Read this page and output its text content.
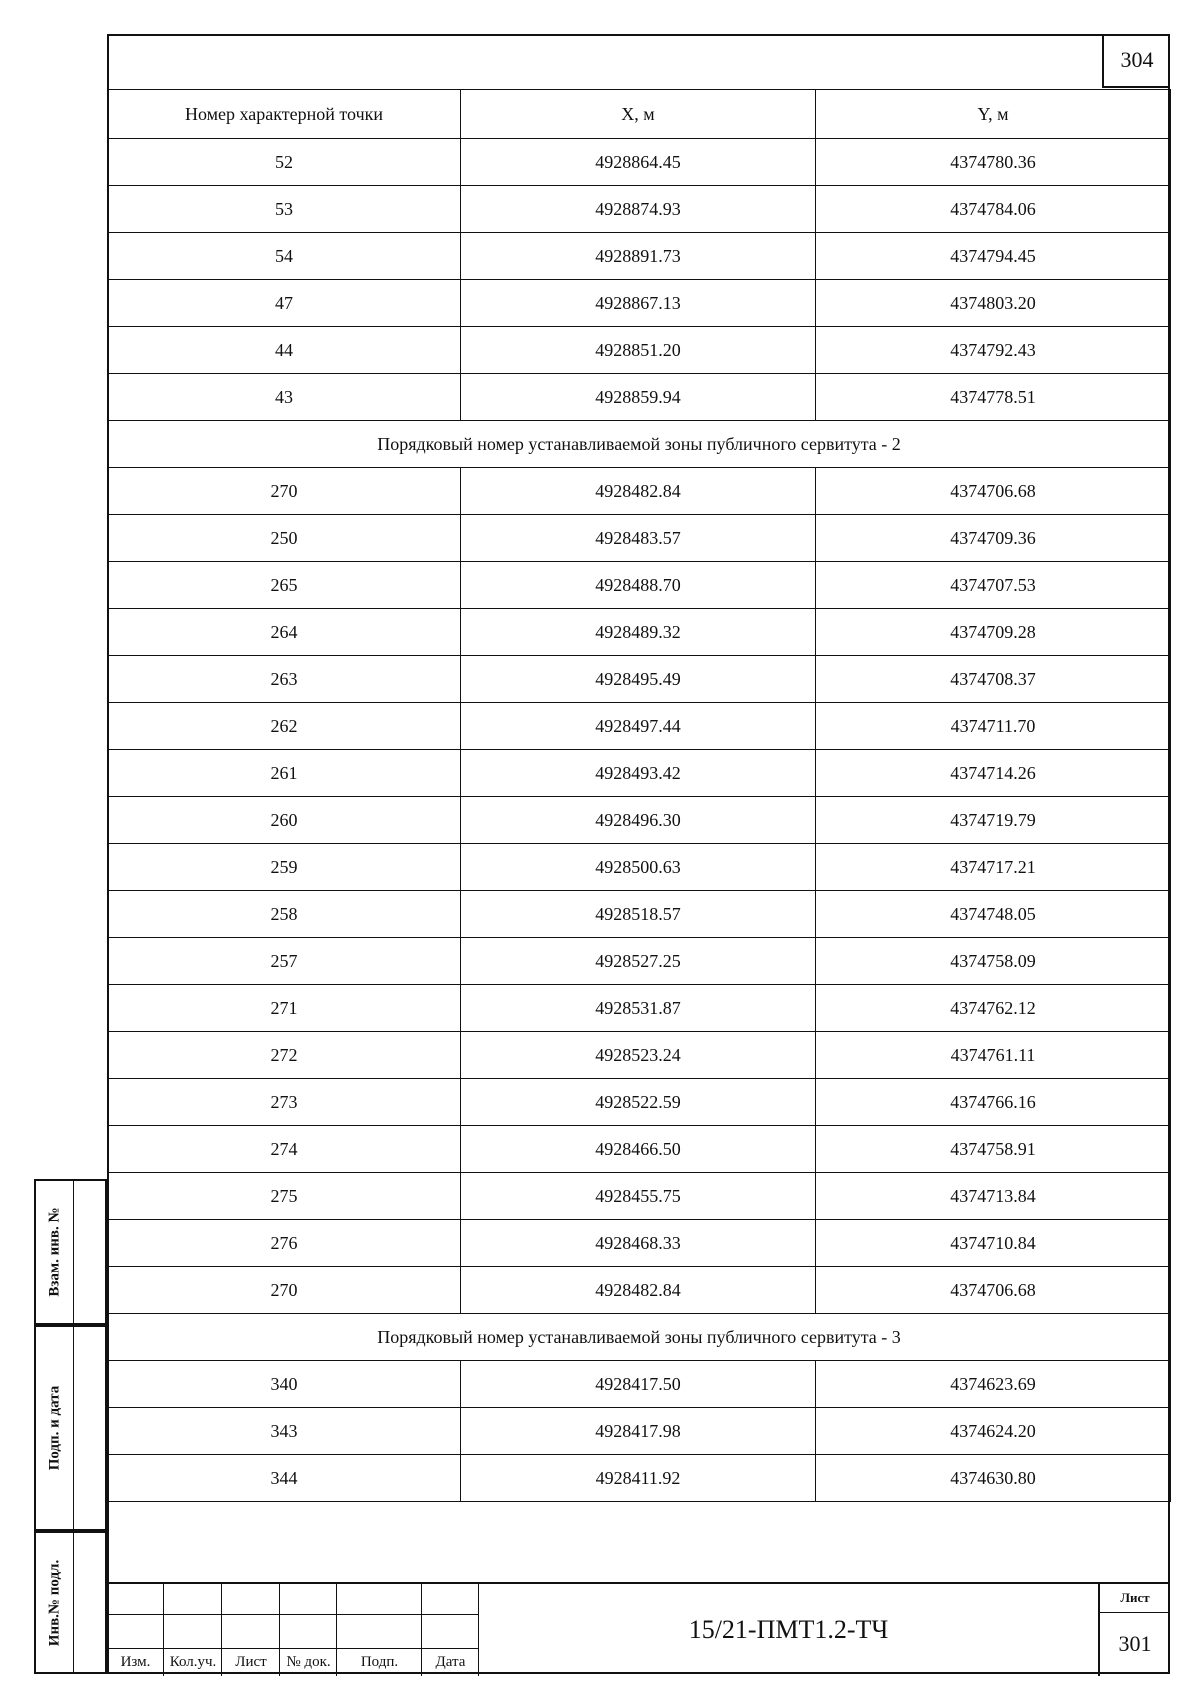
304
Номер характерной точки	X, м	Y, м
52	4928864.45	4374780.36
53	4928874.93	4374784.06
54	4928891.73	4374794.45
47	4928867.13	4374803.20
44	4928851.20	4374792.43
43	4928859.94	4374778.51
Порядковый номер устанавливаемой зоны публичного сервитута - 2		
270	4928482.84	4374706.68
250	4928483.57	4374709.36
265	4928488.70	4374707.53
264	4928489.32	4374709.28
263	4928495.49	4374708.37
262	4928497.44	4374711.70
261	4928493.42	4374714.26
260	4928496.30	4374719.79
259	4928500.63	4374717.21
258	4928518.57	4374748.05
257	4928527.25	4374758.09
271	4928531.87	4374762.12
272	4928523.24	4374761.11
273	4928522.59	4374766.16
274	4928466.50	4374758.91
275	4928455.75	4374713.84
276	4928468.33	4374710.84
270	4928482.84	4374706.68
Порядковый номер устанавливаемой зоны публичного сервитута - 3		
340	4928417.50	4374623.69
343	4928417.98	4374624.20
344	4928411.92	4374630.80
Взам. инв. №
Подп. и дата
Инв.№ подл.
Изм.	Кол.уч.	Лист	№ док.	Подп.	Дата
15/21-ПМТ1.2-ТЧ
Лист
301
